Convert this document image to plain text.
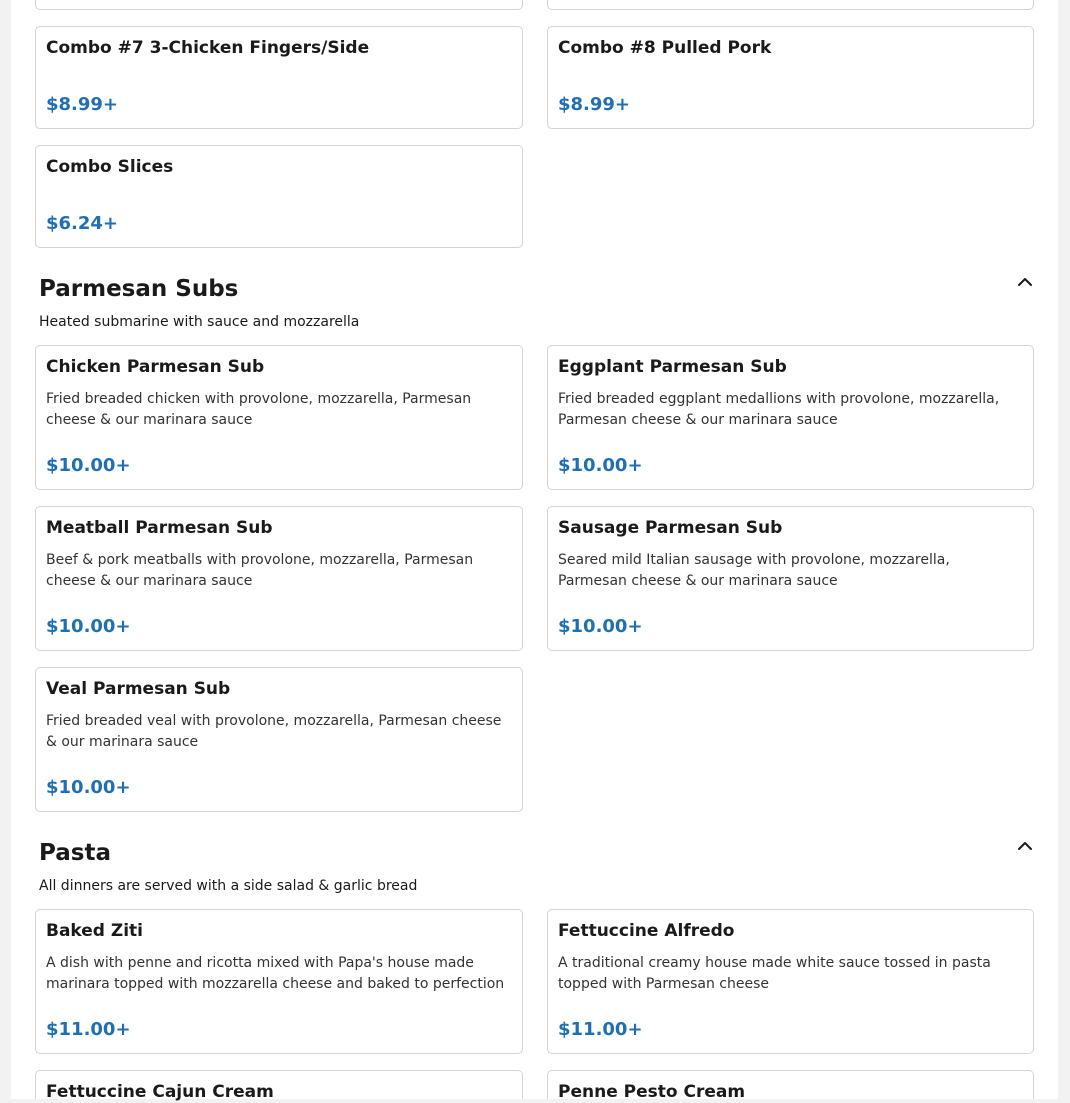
Combo #7 3-Chicken Fingers/Side
$8.99+
Combo #8 Pulled Pork
$8.99+
Combo Slices
$6.24+
Parmesan Subs
Heated submarine with sauce and mozzarella
Chicken Parmesan Sub
Fried breaded chicken with provolone, mozzarella, Parmesan cheese & our marinara sauce
$10.00+
Eggplant Parmesan Sub
Fried breaded eggplant medallions with provolone, mozzarella, Parmesan cheese & our marinara sauce
$10.00+
Meatball Parmesan Sub
Beef & pork meatballs with provolone, mozzarella, Parmesan cheese & our marinara sauce
$10.00+
Sausage Parmesan Sub
Seared mild Italian sausage with provolone, mozzarella, Parmesan cheese & our marinara sauce
$10.00+
Veal Parmesan Sub
Fried breaded veal with provolone, mozzarella, Parmesan cheese & our marinara sauce
$10.00+
Pasta
All dinners are served with a side salad & garlic bread
Baked Ziti
A dish with penne and ricotta mixed with Papa's house made marinara topped with mozzarella cheese and baked to perfection
$11.00+
Fettuccine Alfredo
A traditional creamy house made white sauce tossed in pasta topped with Parmesan cheese
$11.00+
Fettuccine Cajun Cream	Penne Pesto Cream
